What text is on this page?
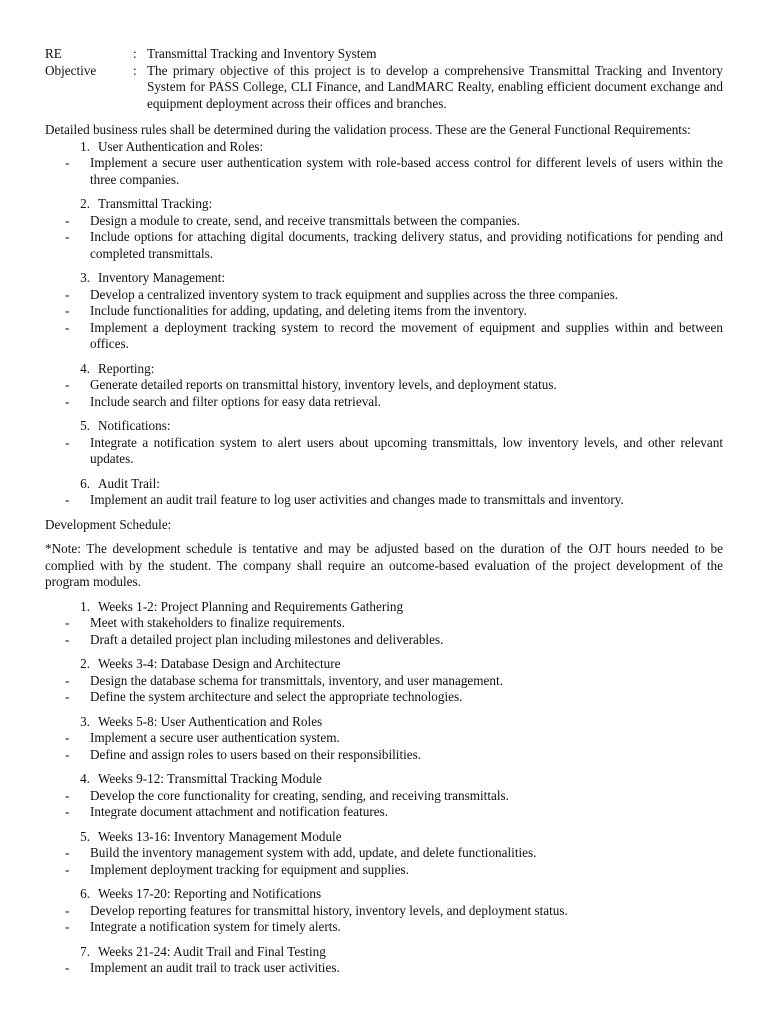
RE	: Transmittal Tracking and Inventory System
Objective	: The primary objective of this project is to develop a comprehensive Transmittal Tracking and Inventory System for PASS College, CLI Finance, and LandMARC Realty, enabling efficient document exchange and equipment deployment across their offices and branches.
Detailed business rules shall be determined during the validation process. These are the General Functional Requirements:
1. User Authentication and Roles:
-	Implement a secure user authentication system with role-based access control for different levels of users within the three companies.
2. Transmittal Tracking:
-	Design a module to create, send, and receive transmittals between the companies.
-	Include options for attaching digital documents, tracking delivery status, and providing notifications for pending and completed transmittals.
3. Inventory Management:
-	Develop a centralized inventory system to track equipment and supplies across the three companies.
-	Include functionalities for adding, updating, and deleting items from the inventory.
-	Implement a deployment tracking system to record the movement of equipment and supplies within and between offices.
4. Reporting:
-	Generate detailed reports on transmittal history, inventory levels, and deployment status.
-	Include search and filter options for easy data retrieval.
5. Notifications:
-	Integrate a notification system to alert users about upcoming transmittals, low inventory levels, and other relevant updates.
6. Audit Trail:
-	Implement an audit trail feature to log user activities and changes made to transmittals and inventory.
Development Schedule:
*Note: The development schedule is tentative and may be adjusted based on the duration of the OJT hours needed to be complied with by the student. The company shall require an outcome-based evaluation of the project development of the program modules.
1. Weeks 1-2: Project Planning and Requirements Gathering
-	Meet with stakeholders to finalize requirements.
-	Draft a detailed project plan including milestones and deliverables.
2. Weeks 3-4: Database Design and Architecture
-	Design the database schema for transmittals, inventory, and user management.
-	Define the system architecture and select the appropriate technologies.
3. Weeks 5-8: User Authentication and Roles
-	Implement a secure user authentication system.
-	Define and assign roles to users based on their responsibilities.
4. Weeks 9-12: Transmittal Tracking Module
-	Develop the core functionality for creating, sending, and receiving transmittals.
-	Integrate document attachment and notification features.
5. Weeks 13-16: Inventory Management Module
-	Build the inventory management system with add, update, and delete functionalities.
-	Implement deployment tracking for equipment and supplies.
6. Weeks 17-20: Reporting and Notifications
-	Develop reporting features for transmittal history, inventory levels, and deployment status.
-	Integrate a notification system for timely alerts.
7. Weeks 21-24: Audit Trail and Final Testing
-	Implement an audit trail to track user activities.
